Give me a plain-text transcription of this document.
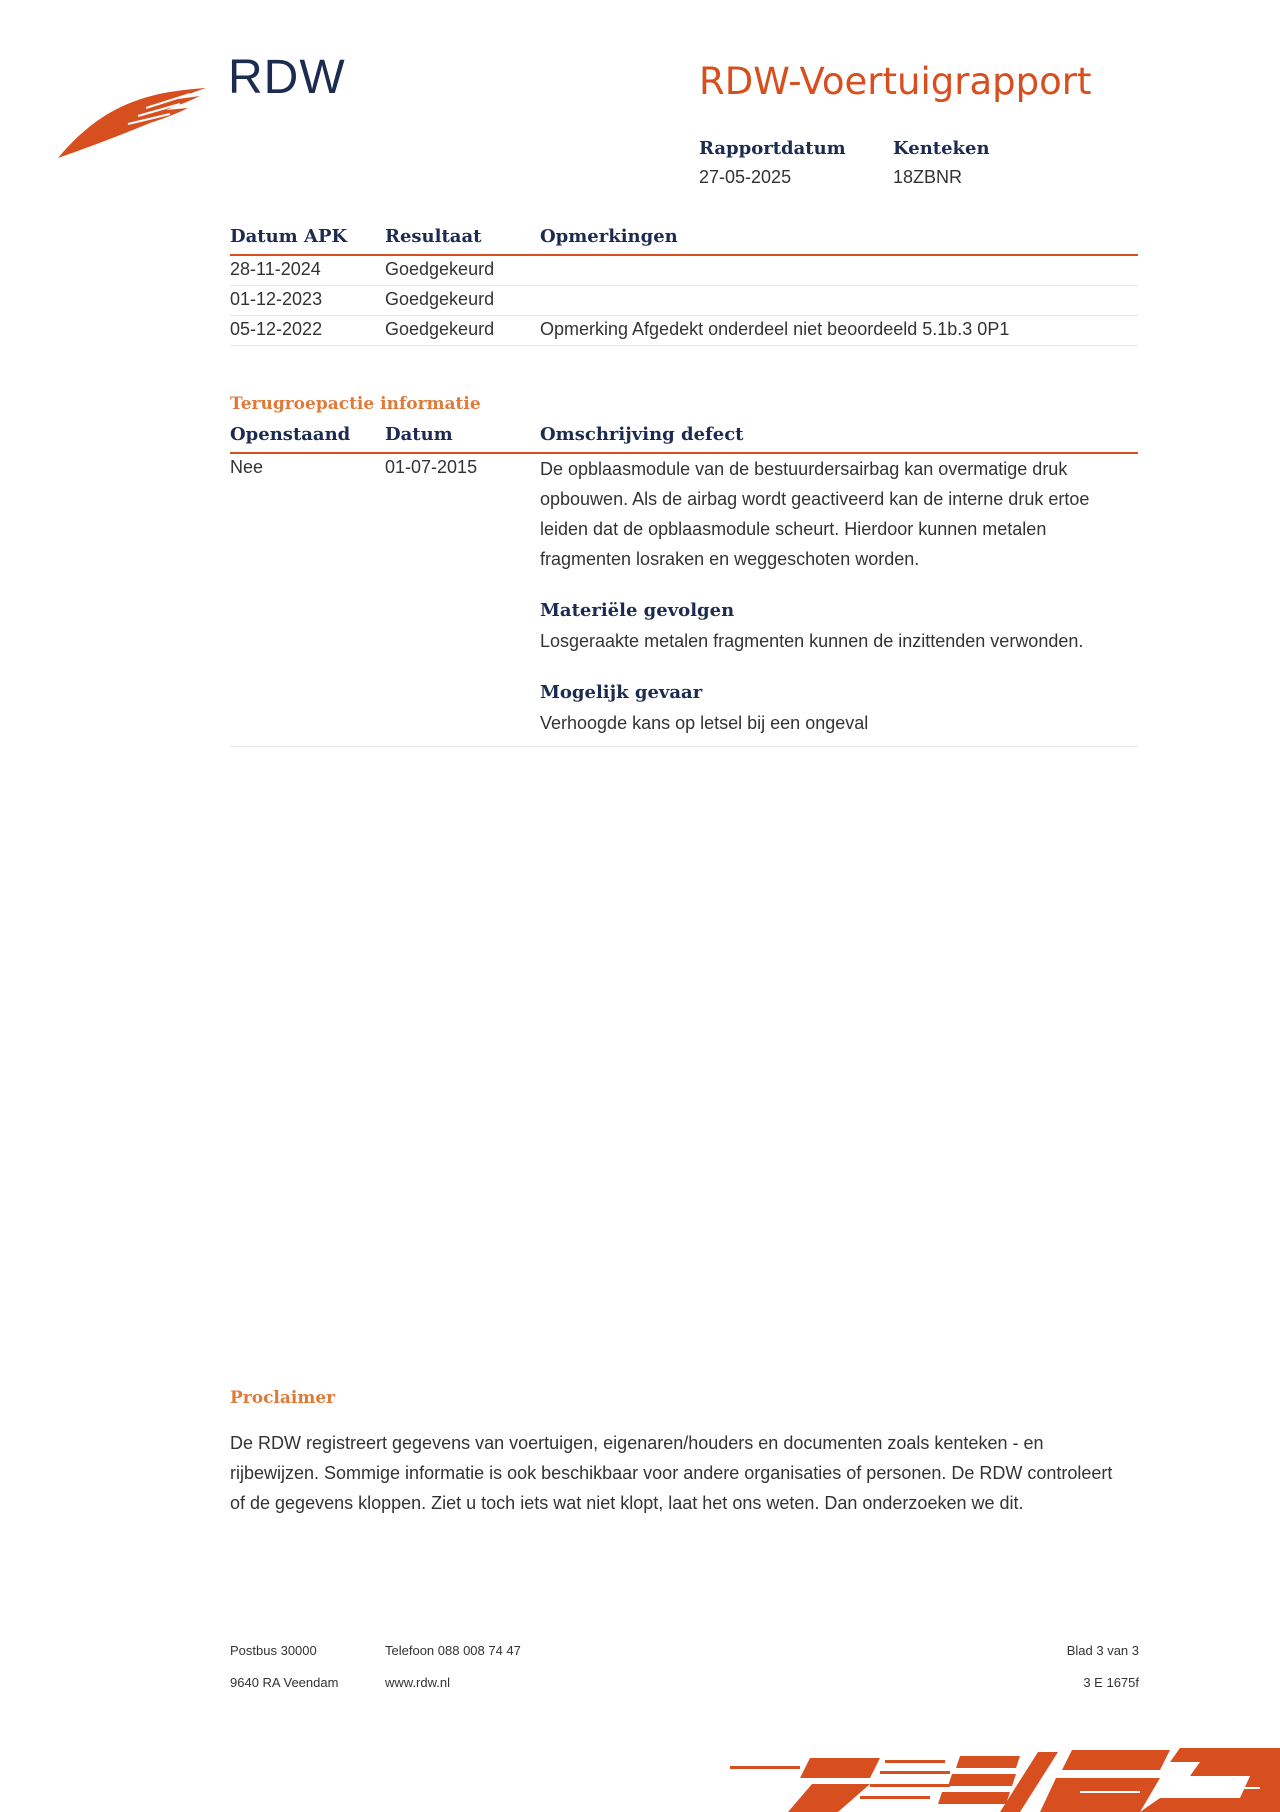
RDW	RDW-Voertuigrapport
Rapportdatum
27-05-2025
Kenteken
18ZBNR
Datum APK	Resultaat	Opmerkingen
28-11-2024	Goedgekeurd	
01-12-2023	Goedgekeurd	
05-12-2022	Goedgekeurd	Opmerking Afgedekt onderdeel niet beoordeeld 5.1b.3 0P1
Terugroepactie informatie
Openstaand	Datum	Omschrijving defect
Nee	01-07-2015	De opblaasmodule van de bestuurdersairbag kan overmatige druk opbouwen. Als de airbag wordt geactiveerd kan de interne druk ertoe leiden dat de opblaasmodule scheurt. Hierdoor kunnen metalen fragmenten losraken en weggeschoten worden.
Materiële gevolgen
Losgeraakte metalen fragmenten kunnen de inzittenden verwonden.
Mogelijk gevaar
Verhoogde kans op letsel bij een ongeval
Proclaimer

De RDW registreert gegevens van voertuigen, eigenaren/houders en documenten zoals kenteken - en rijbewijzen. Sommige informatie is ook beschikbaar voor andere organisaties of personen. De RDW controleert of de gegevens kloppen. Ziet u toch iets wat niet klopt, laat het ons weten. Dan onderzoeken we dit.

Postbus 30000
9640 RA Veendam
Telefoon 088 008 74 47
www.rdw.nl
Blad 3 van 3
3 E 1675f
